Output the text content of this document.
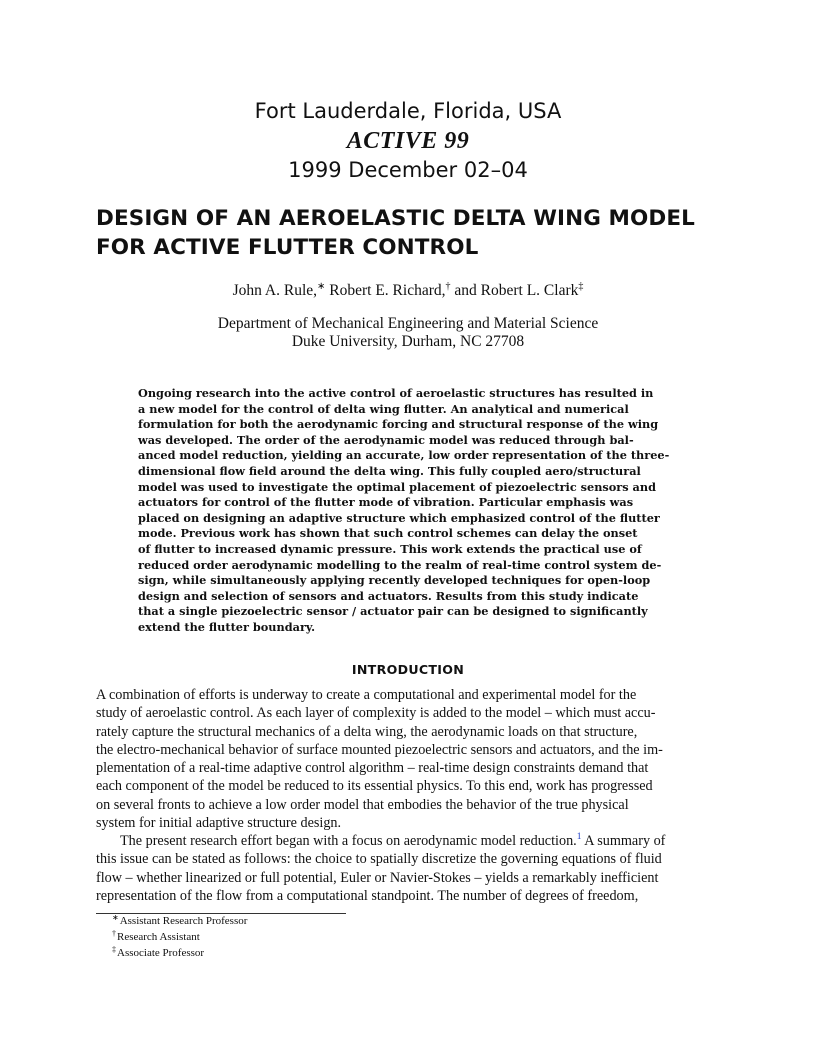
Fort Lauderdale, Florida, USA
ACTIVE 99
1999 December 02–04
DESIGN OF AN AEROELASTIC DELTA WING MODEL
FOR ACTIVE FLUTTER CONTROL
John A. Rule,∗ Robert E. Richard,† and Robert L. Clark‡
Department of Mechanical Engineering and Material Science
Duke University, Durham, NC 27708
Ongoing research into the active control of aeroelastic structures has resulted in
a new model for the control of delta wing flutter. An analytical and numerical
formulation for both the aerodynamic forcing and structural response of the wing
was developed. The order of the aerodynamic model was reduced through bal-
anced model reduction, yielding an accurate, low order representation of the three-
dimensional flow field around the delta wing. This fully coupled aero/structural
model was used to investigate the optimal placement of piezoelectric sensors and
actuators for control of the flutter mode of vibration. Particular emphasis was
placed on designing an adaptive structure which emphasized control of the flutter
mode. Previous work has shown that such control schemes can delay the onset
of flutter to increased dynamic pressure. This work extends the practical use of
reduced order aerodynamic modelling to the realm of real-time control system de-
sign, while simultaneously applying recently developed techniques for open-loop
design and selection of sensors and actuators. Results from this study indicate
that a single piezoelectric sensor / actuator pair can be designed to significantly
extend the flutter boundary.
INTRODUCTION
A combination of efforts is underway to create a computational and experimental model for the
study of aeroelastic control. As each layer of complexity is added to the model – which must accu-
rately capture the structural mechanics of a delta wing, the aerodynamic loads on that structure,
the electro-mechanical behavior of surface mounted piezoelectric sensors and actuators, and the im-
plementation of a real-time adaptive control algorithm – real-time design constraints demand that
each component of the model be reduced to its essential physics. To this end, work has progressed
on several fronts to achieve a low order model that embodies the behavior of the true physical
system for initial adaptive structure design.
The present research effort began with a focus on aerodynamic model reduction.$^1$ A summary of
this issue can be stated as follows: the choice to spatially discretize the governing equations of fluid
flow – whether linearized or full potential, Euler or Navier-Stokes – yields a remarkably inefficient
representation of the flow from a computational standpoint. The number of degrees of freedom,
∗Assistant Research Professor
†Research Assistant
‡Associate Professor
